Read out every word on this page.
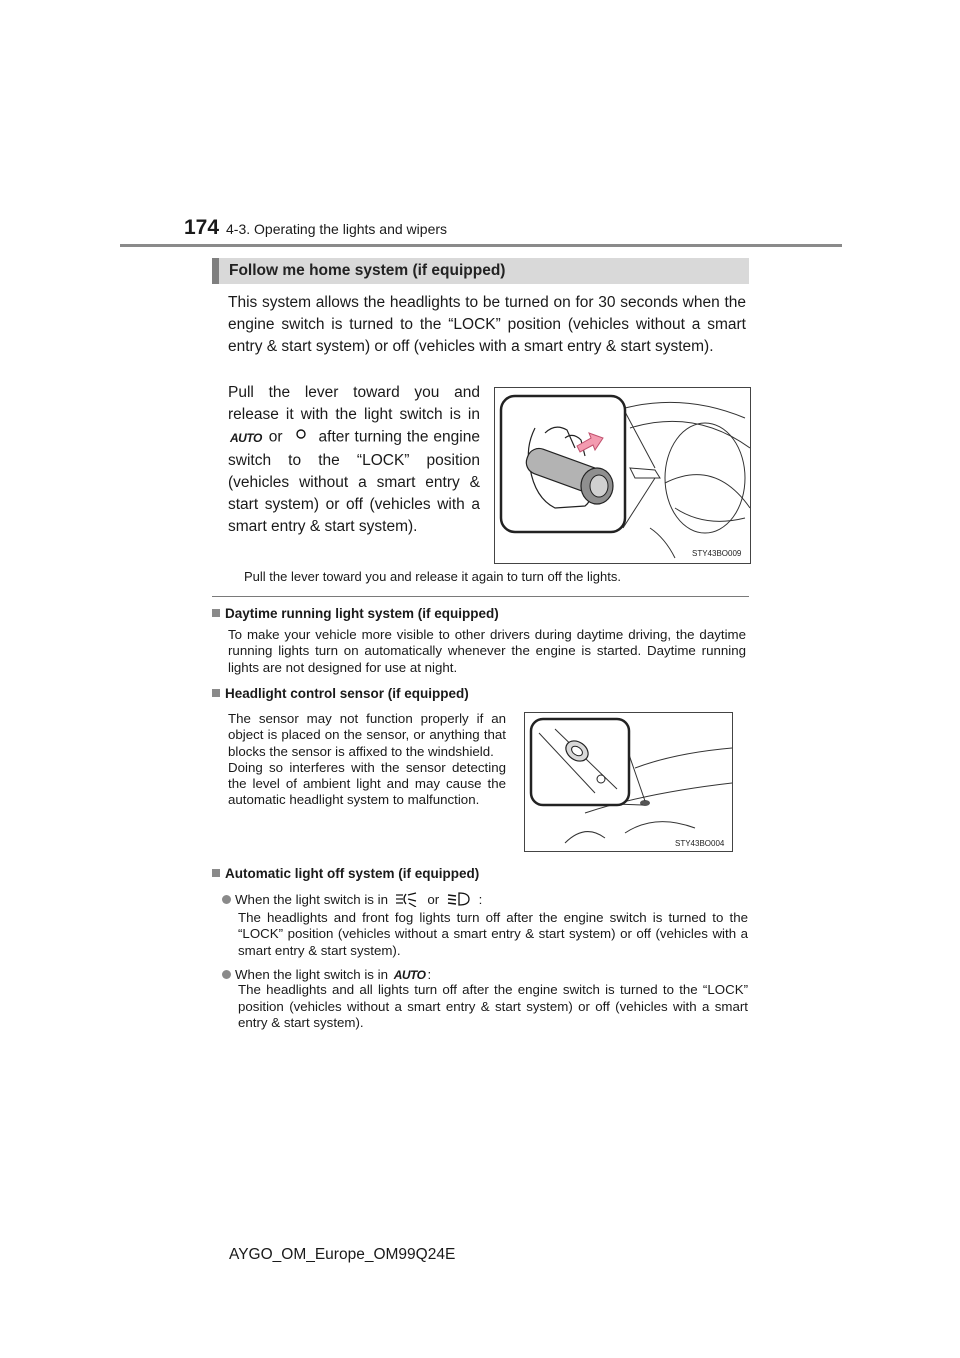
174 4-3. Operating the lights and wipers
Follow me home system (if equipped)

This system allows the headlights to be turned on for 30 seconds when the engine switch is turned to the “LOCK” position (vehicles without a smart entry & start system) or off (vehicles with a smart entry & start system).

Pull the lever toward you and release it with the light switch is in AUTO or after turning the engine switch to the “LOCK” position (vehicles without a smart entry & start system) or off (vehicles with a smart entry & start system).

STY43BO009
Pull the lever toward you and release it again to turn off the lights.
Daytime running light system (if equipped)

To make your vehicle more visible to other drivers during daytime driving, the daytime running lights turn on automatically whenever the engine is started. Daytime running lights are not designed for use at night.

Headlight control sensor (if equipped)

The sensor may not function properly if an object is placed on the sensor, or anything that blocks the sensor is affixed to the windshield.

Doing so interferes with the sensor detecting the level of ambient light and may cause the automatic headlight system to malfunction.

STY43BO004
Automatic light off system (if equipped)
When the light switch is in	or	:

The headlights and front fog lights turn off after the engine switch is turned to the “LOCK” position (vehicles without a smart entry & start system) or off (vehicles with a smart entry & start system).

When the light switch is in AUTO :

The headlights and all lights turn off after the engine switch is turned to the “LOCK” position (vehicles without a smart entry & start system) or off (vehicles with a smart entry & start system).

AYGO_OM_Europe_OM99Q24E
